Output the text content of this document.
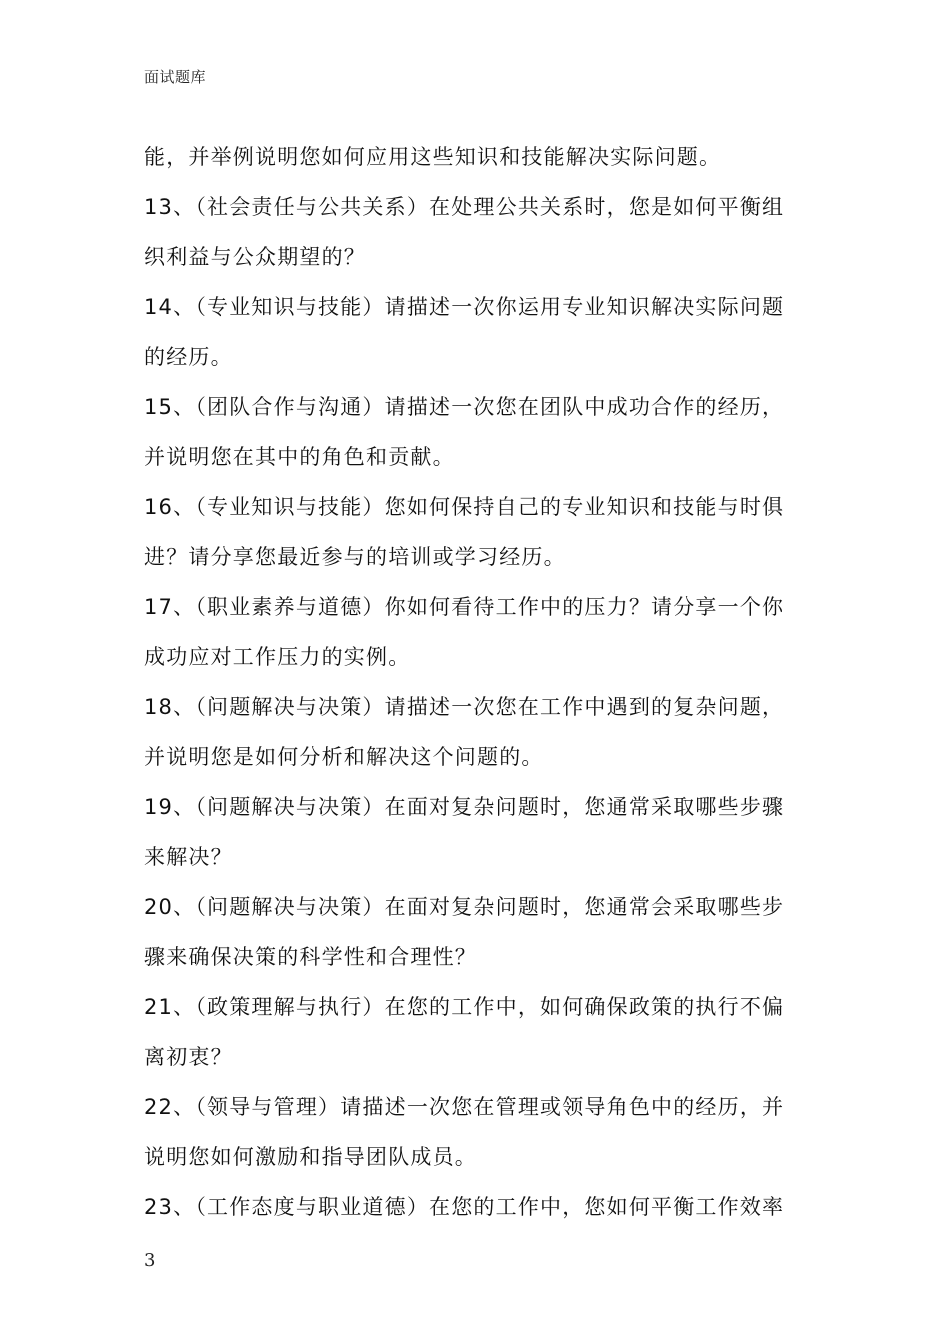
面试题库

能，并举例说明您如何应用这些知识和技能解决实际问题。

13、（社会责任与公共关系）在处理公共关系时，您是如何平衡组

织利益与公众期望的？

14、（专业知识与技能）请描述一次你运用专业知识解决实际问题

的经历。

15、（团队合作与沟通）请描述一次您在团队中成功合作的经历，

并说明您在其中的角色和贡献。

16、（专业知识与技能）您如何保持自己的专业知识和技能与时俱

进？请分享您最近参与的培训或学习经历。

17、（职业素养与道德）你如何看待工作中的压力？请分享一个你

成功应对工作压力的实例。

18、（问题解决与决策）请描述一次您在工作中遇到的复杂问题，

并说明您是如何分析和解决这个问题的。

19、（问题解决与决策）在面对复杂问题时，您通常采取哪些步骤

来解决？

20、（问题解决与决策）在面对复杂问题时，您通常会采取哪些步

骤来确保决策的科学性和合理性？

21、（政策理解与执行）在您的工作中，如何确保政策的执行不偏

离初衷？

22、（领导与管理）请描述一次您在管理或领导角色中的经历，并

说明您如何激励和指导团队成员。

23、（工作态度与职业道德）在您的工作中，您如何平衡工作效率

3
